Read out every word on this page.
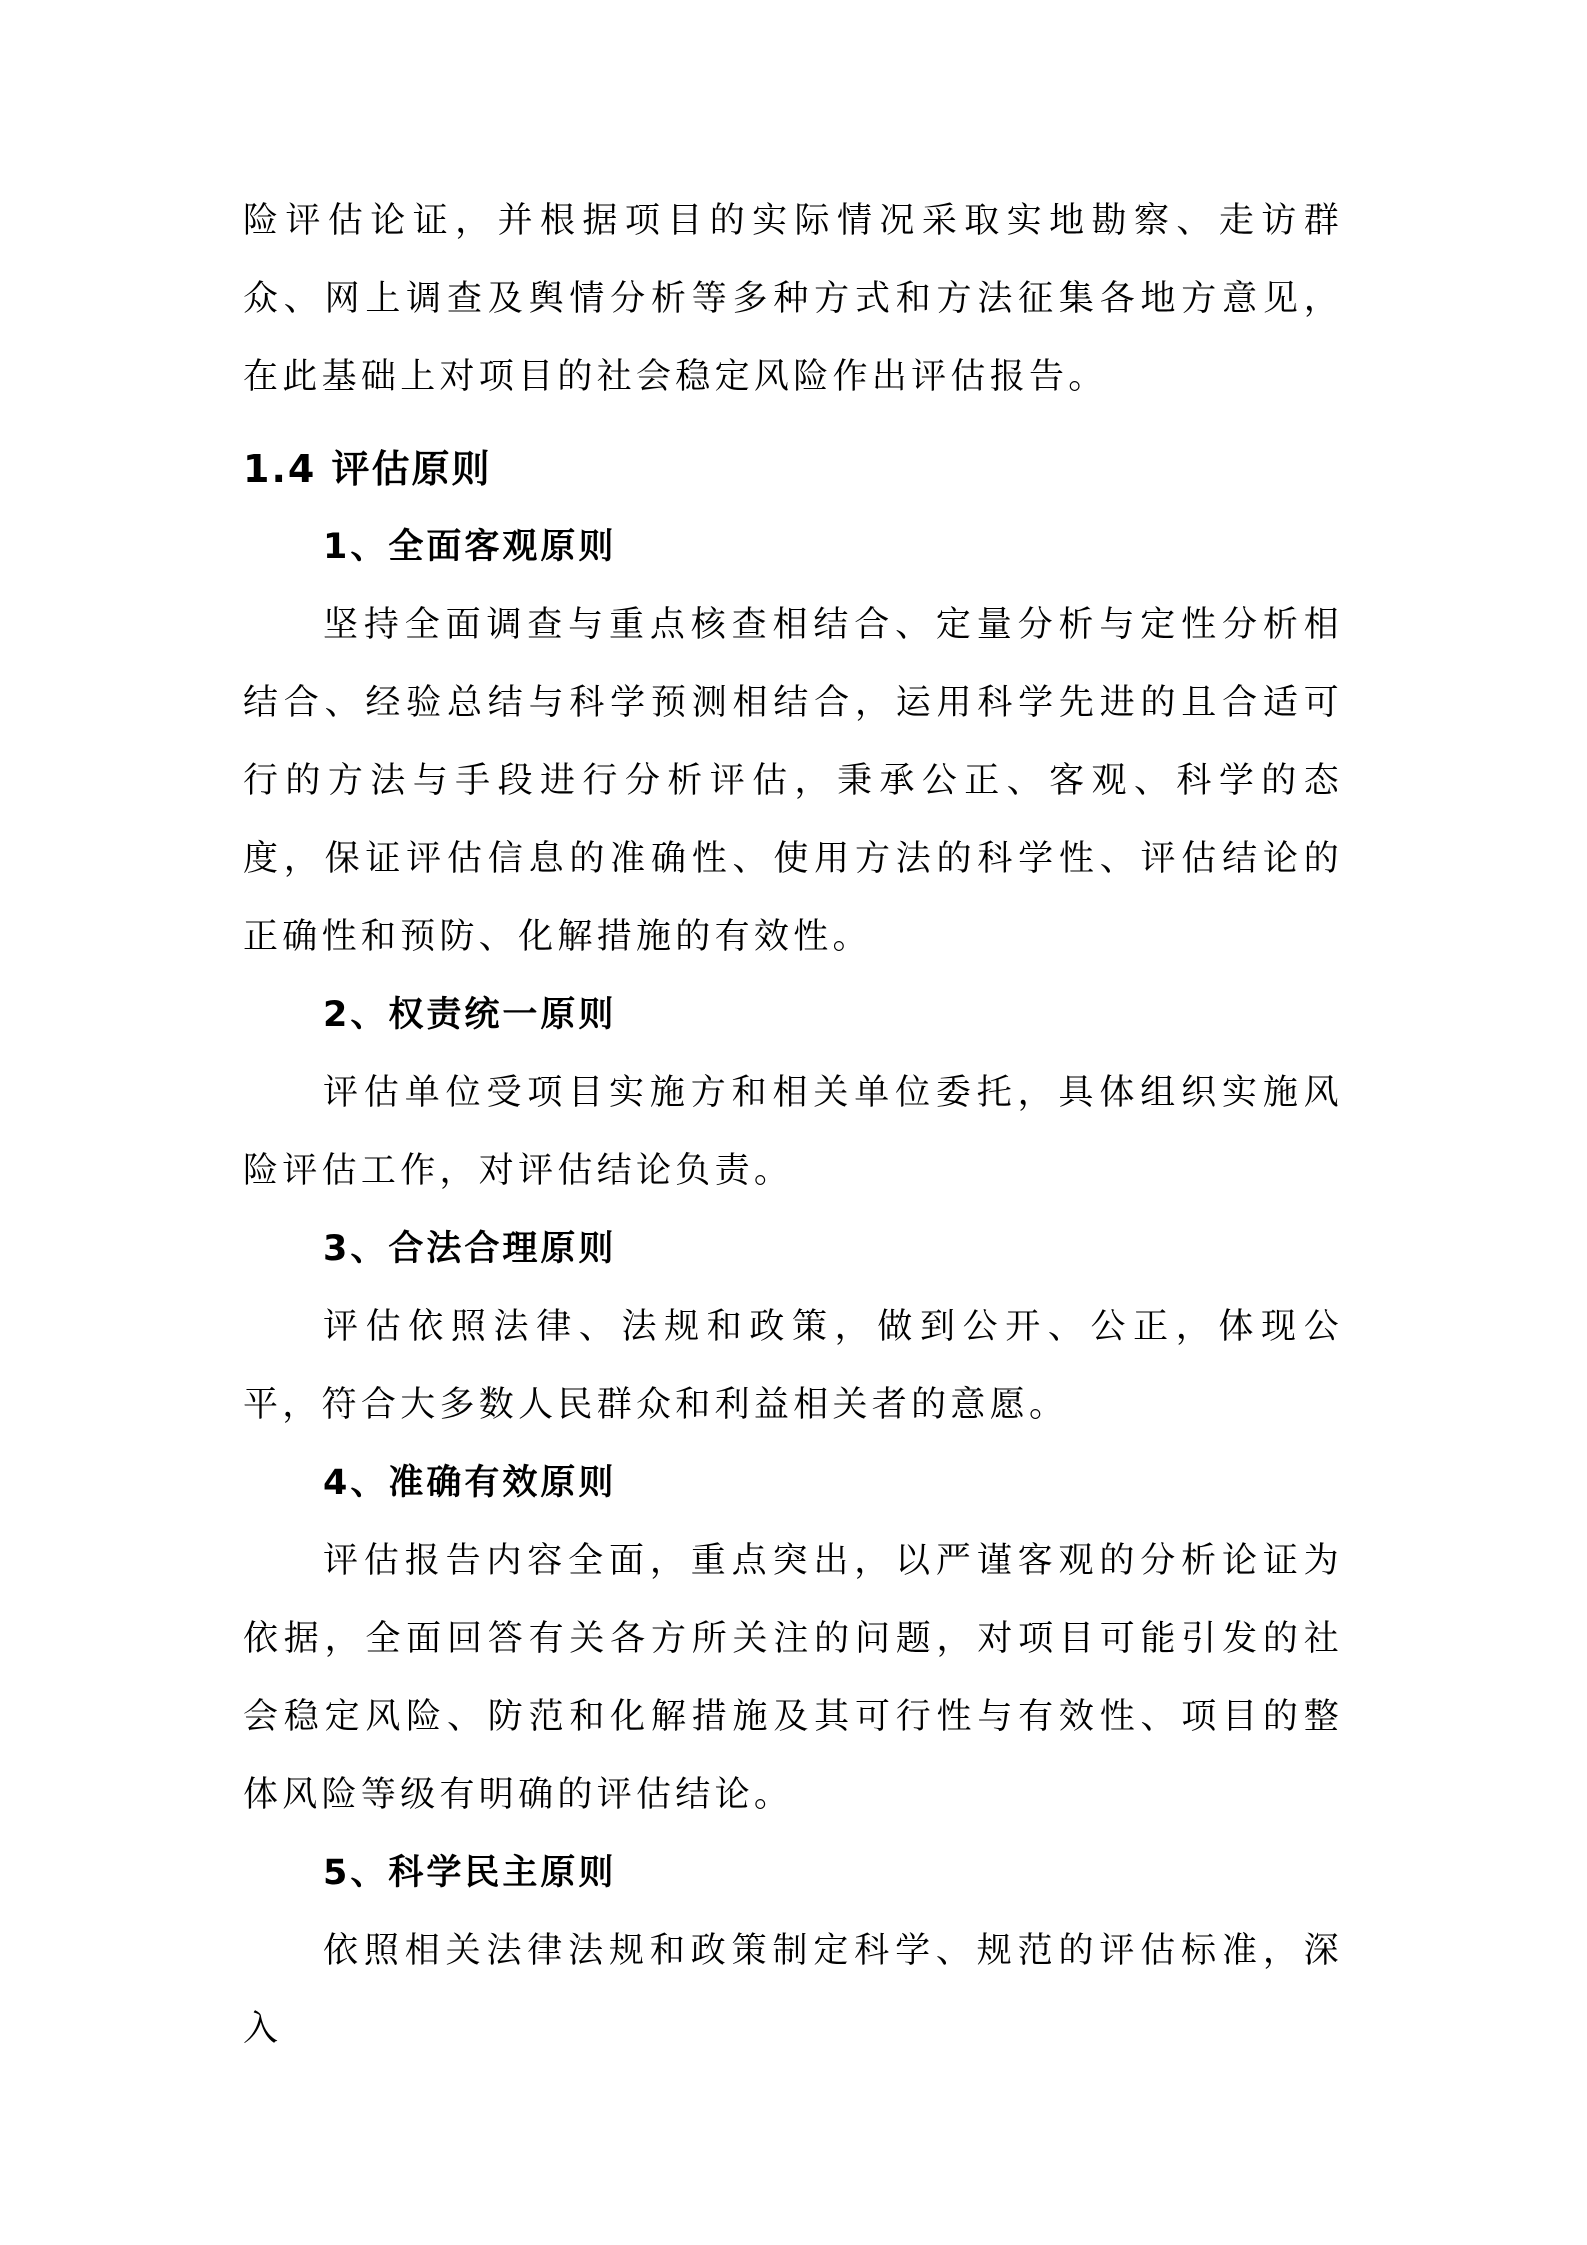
险评估论证，并根据项目的实际情况采取实地勘察、走访群众、网上调查及舆情分析等多种方式和方法征集各地方意见，在此基础上对项目的社会稳定风险作出评估报告。

1.4 评估原则
1、全面客观原则

坚持全面调查与重点核查相结合、定量分析与定性分析相结合、经验总结与科学预测相结合，运用科学先进的且合适可行的方法与手段进行分析评估，秉承公正、客观、科学的态度，保证评估信息的准确性、使用方法的科学性、评估结论的正确性和预防、化解措施的有效性。

2、权责统一原则

评估单位受项目实施方和相关单位委托，具体组织实施风险评估工作，对评估结论负责。

3、合法合理原则

评估依照法律、法规和政策，做到公开、公正，体现公平，符合大多数人民群众和利益相关者的意愿。

4、准确有效原则

评估报告内容全面，重点突出，以严谨客观的分析论证为依据，全面回答有关各方所关注的问题，对项目可能引发的社会稳定风险、防范和化解措施及其可行性与有效性、项目的整体风险等级有明确的评估结论。

5、科学民主原则

依照相关法律法规和政策制定科学、规范的评估标准，深入
